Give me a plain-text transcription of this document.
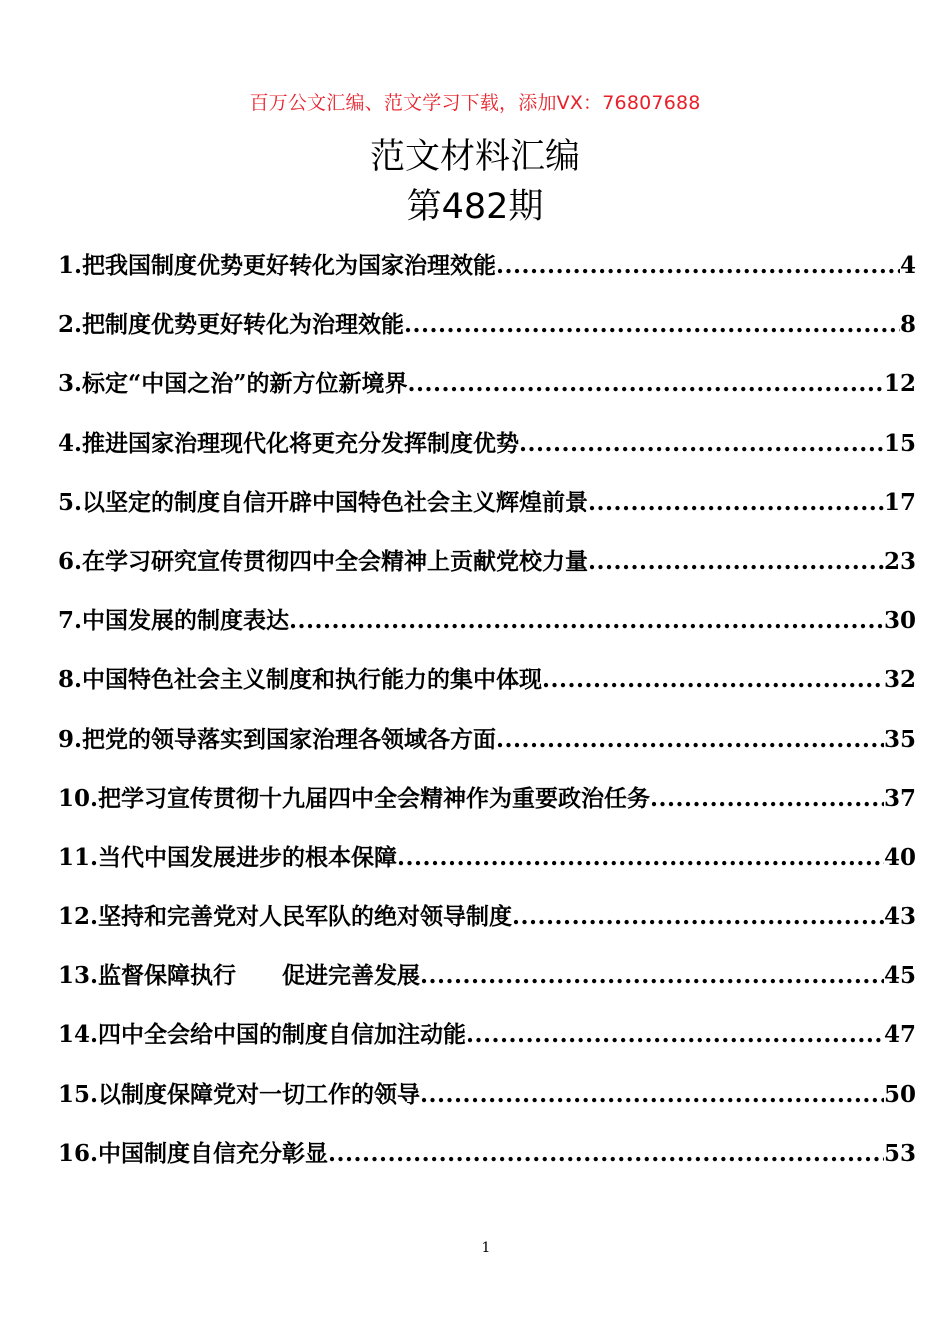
百万公文汇编、范文学习下载，添加VX：76807688
范文材料汇编
第482期
1.把我国制度优势更好转化为国家治理效能 .....	4
2.把制度优势更好转化为治理效能 .....	8
3.标定“中国之治”的新方位新境界 .....	12
4.推进国家治理现代化将更充分发挥制度优势 .....	15
5.以坚定的制度自信开辟中国特色社会主义辉煌前景 .....	17
6.在学习研究宣传贯彻四中全会精神上贡献党校力量 .....	23
7.中国发展的制度表达 .....	30
8.中国特色社会主义制度和执行能力的集中体现 .....	32
9.把党的领导落实到国家治理各领域各方面 .....	35
10.把学习宣传贯彻十九届四中全会精神作为重要政治任务 .....	37
11.当代中国发展进步的根本保障 .....	40
12.坚持和完善党对人民军队的绝对领导制度 .....	43
13.监督保障执行　　促进完善发展 .....	45
14.四中全会给中国的制度自信加注动能 .....	47
15.以制度保障党对一切工作的领导 .....	50
16.中国制度自信充分彰显 .....	53
1
